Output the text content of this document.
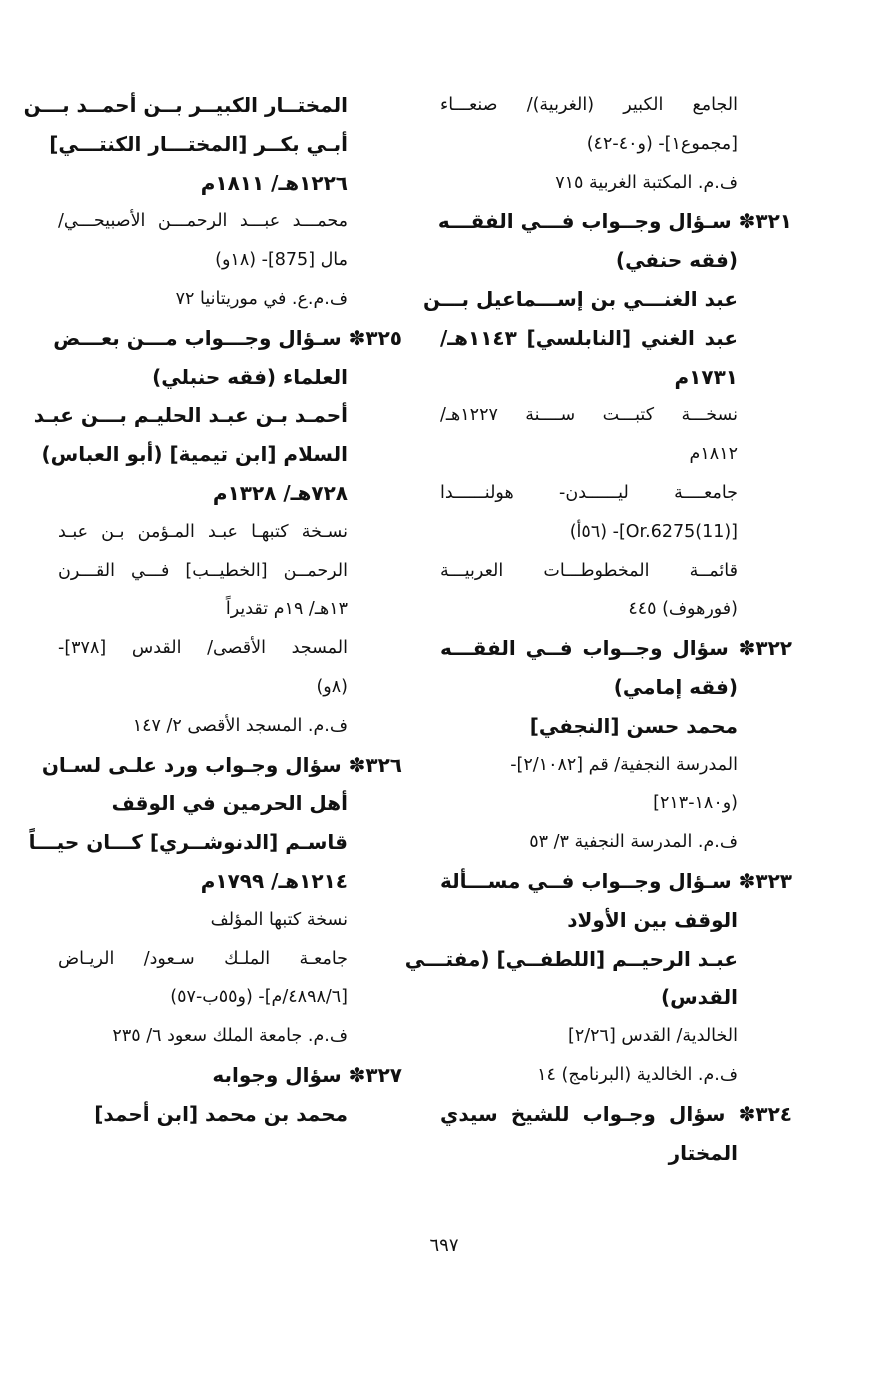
الجامع الكبير (الغربية)/ صنعـــاء
[مجموع١]- (و٤٠-٤٢)
ف.م. المكتبة الغربية ٧١٥
٣٢١✽ سـؤال وجــواب فـــي الفقـــه
(فقه حنفي)
عبد الغنـــي بن إســـماعيل بـــن
عبد الغني [النابلسي] ١١٤٣هـ/
١٧٣١م
نسخـــة كتبـــت ســــنة ١٢٢٧هـ/
١٨١٢م
جامعــــة ليــــــدن- هولنــــــدا
[Or.6275(11)]- (٥٦أ)
قائمــة المخطوطـــات العربيـــة
(فورهوف) ٤٤٥
٣٢٢✽ سؤال وجــواب فــي الفقـــه
(فقه إمامي)
محمد حسن [النجفي]
المدرسة النجفية/ قم [٢/١٠٨٢]-
(و١٨٠-٢١٣]
ف.م. المدرسة النجفية ٣/ ٥٣
٣٢٣✽ سـؤال وجــواب فــي مســـألة
الوقف بين الأولاد
عبـد الرحيــم [اللطفــي] (مفتـــي
القدس)
الخالدية/ القدس [٢/٢٦]
ف.م. الخالدية (البرنامج) ١٤
٣٢٤✽ سؤال وجـواب للشيخ سيدي
المختار
المختــار الكبيــر بــن أحمــد بـــن
أبـي بكــر [المختـــار الكنتـــي]
١٢٢٦هـ/ ١٨١١م
محمـــد عبـــد الرحمـــن الأصبيحـــي/
مال [875]- (١٨و)
ف.م.ع. في موريتانيا ٧٢
٣٢٥✽ سـؤال وجـــواب مـــن بعـــض
العلماء (فقه حنبلي)
أحمـد بـن عبـد الحليـم بـــن عبـد
السلام [ابن تيمية] (أبو العباس)
٧٢٨هـ/ ١٣٢٨م
نسـخة كتبهـا عبـد المـؤمن بـن عبـد
الرحمــن [الخطيــب] فـــي القـــرن
١٣هـ/ ١٩م تقديراً
المسجد الأقصى/ القدس [٣٧٨]-
(٨و)
ف.م. المسجد الأقصى ٢/ ١٤٧
٣٢٦✽ سؤال وجـواب ورد علـى لسـان
أهل الحرمين في الوقف
قاسـم [الدنوشــري] كـــان حيـــاً
١٢١٤هـ/ ١٧٩٩م
نسخة كتبها المؤلف
جامعـة الملـك سـعود/ الريـاض
[٤٨٩٨/٦/م]- (و٥٥ب-٥٧)
ف.م. جامعة الملك سعود ٦/ ٢٣٥
٣٢٧✽ سؤال وجوابه
محمد بن محمد [ابن أحمد]
٦٩٧
